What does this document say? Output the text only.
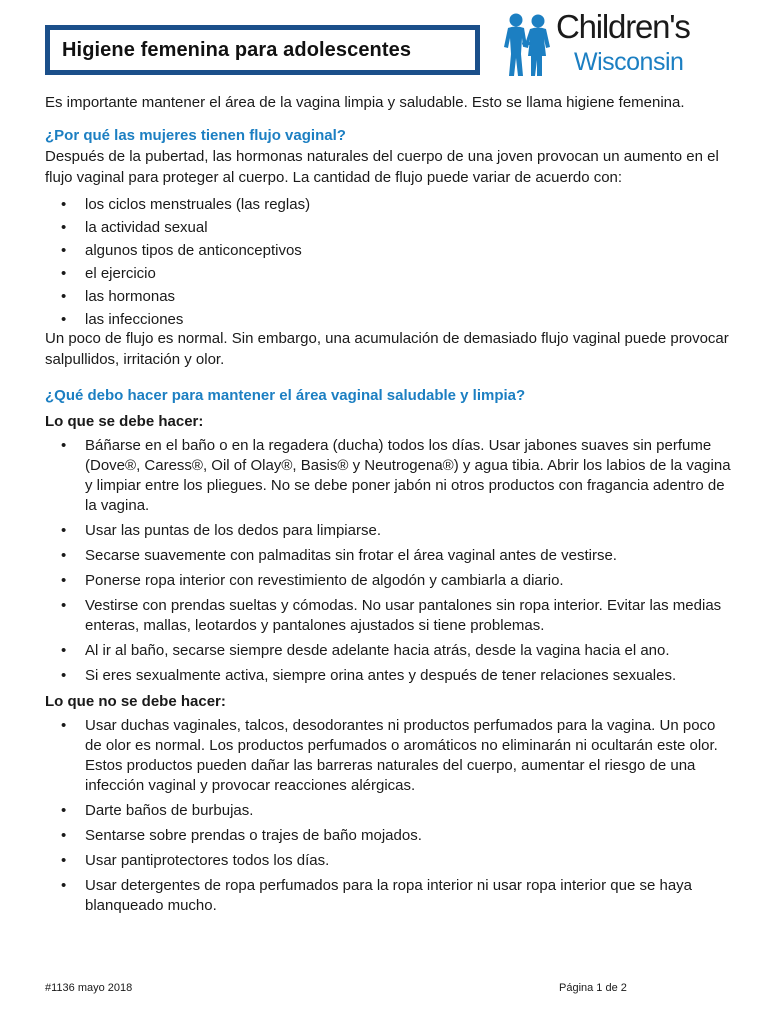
Higiene femenina para adolescentes
Children's
Wisconsin

Es importante mantener el área de la vagina limpia y saludable. Esto se llama higiene femenina.

¿Por qué las mujeres tienen flujo vaginal?

Después de la pubertad, las hormonas naturales del cuerpo de una joven provocan un aumento en el flujo vaginal para proteger al cuerpo. La cantidad de flujo puede variar de acuerdo con:

• los ciclos menstruales (las reglas)
• la actividad sexual
• algunos tipos de anticonceptivos
• el ejercicio
• las hormonas
• las infecciones

Un poco de flujo es normal. Sin embargo, una acumulación de demasiado flujo vaginal puede provocar salpullidos, irritación y olor.

¿Qué debo hacer para mantener el área vaginal saludable y limpia?
Lo que se debe hacer:
• Báñarse en el baño o en la regadera (ducha) todos los días. Usar jabones suaves sin perfume (Dove®, Caress®, Oil of Olay®, Basis® y Neutrogena®) y agua tibia. Abrir los labios de la vagina y limpiar entre los pliegues. No se debe poner jabón ni otros productos con fragancia adentro de la vagina.
• Usar las puntas de los dedos para limpiarse.
• Secarse suavemente con palmaditas sin frotar el área vaginal antes de vestirse.
• Ponerse ropa interior con revestimiento de algodón y cambiarla a diario.
• Vestirse con prendas sueltas y cómodas. No usar pantalones sin ropa interior. Evitar las medias enteras, mallas, leotardos y pantalones ajustados si tiene problemas.
• Al ir al baño, secarse siempre desde adelante hacia atrás, desde la vagina hacia el ano.
• Si eres sexualmente activa, siempre orina antes y después de tener relaciones sexuales.
Lo que no se debe hacer:
• Usar duchas vaginales, talcos, desodorantes ni productos perfumados para la vagina. Un poco de olor es normal. Los productos perfumados o aromáticos no eliminarán ni ocultarán este olor. Estos productos pueden dañar las barreras naturales del cuerpo, aumentar el riesgo de una infección vaginal y provocar reacciones alérgicas.
• Darte baños de burbujas.
• Sentarse sobre prendas o trajes de baño mojados.
• Usar pantiprotectores todos los días.
• Usar detergentes de ropa perfumados para la ropa interior ni usar ropa interior que se haya blanqueado mucho.
#1136 mayo 2018	Página 1 de 2
